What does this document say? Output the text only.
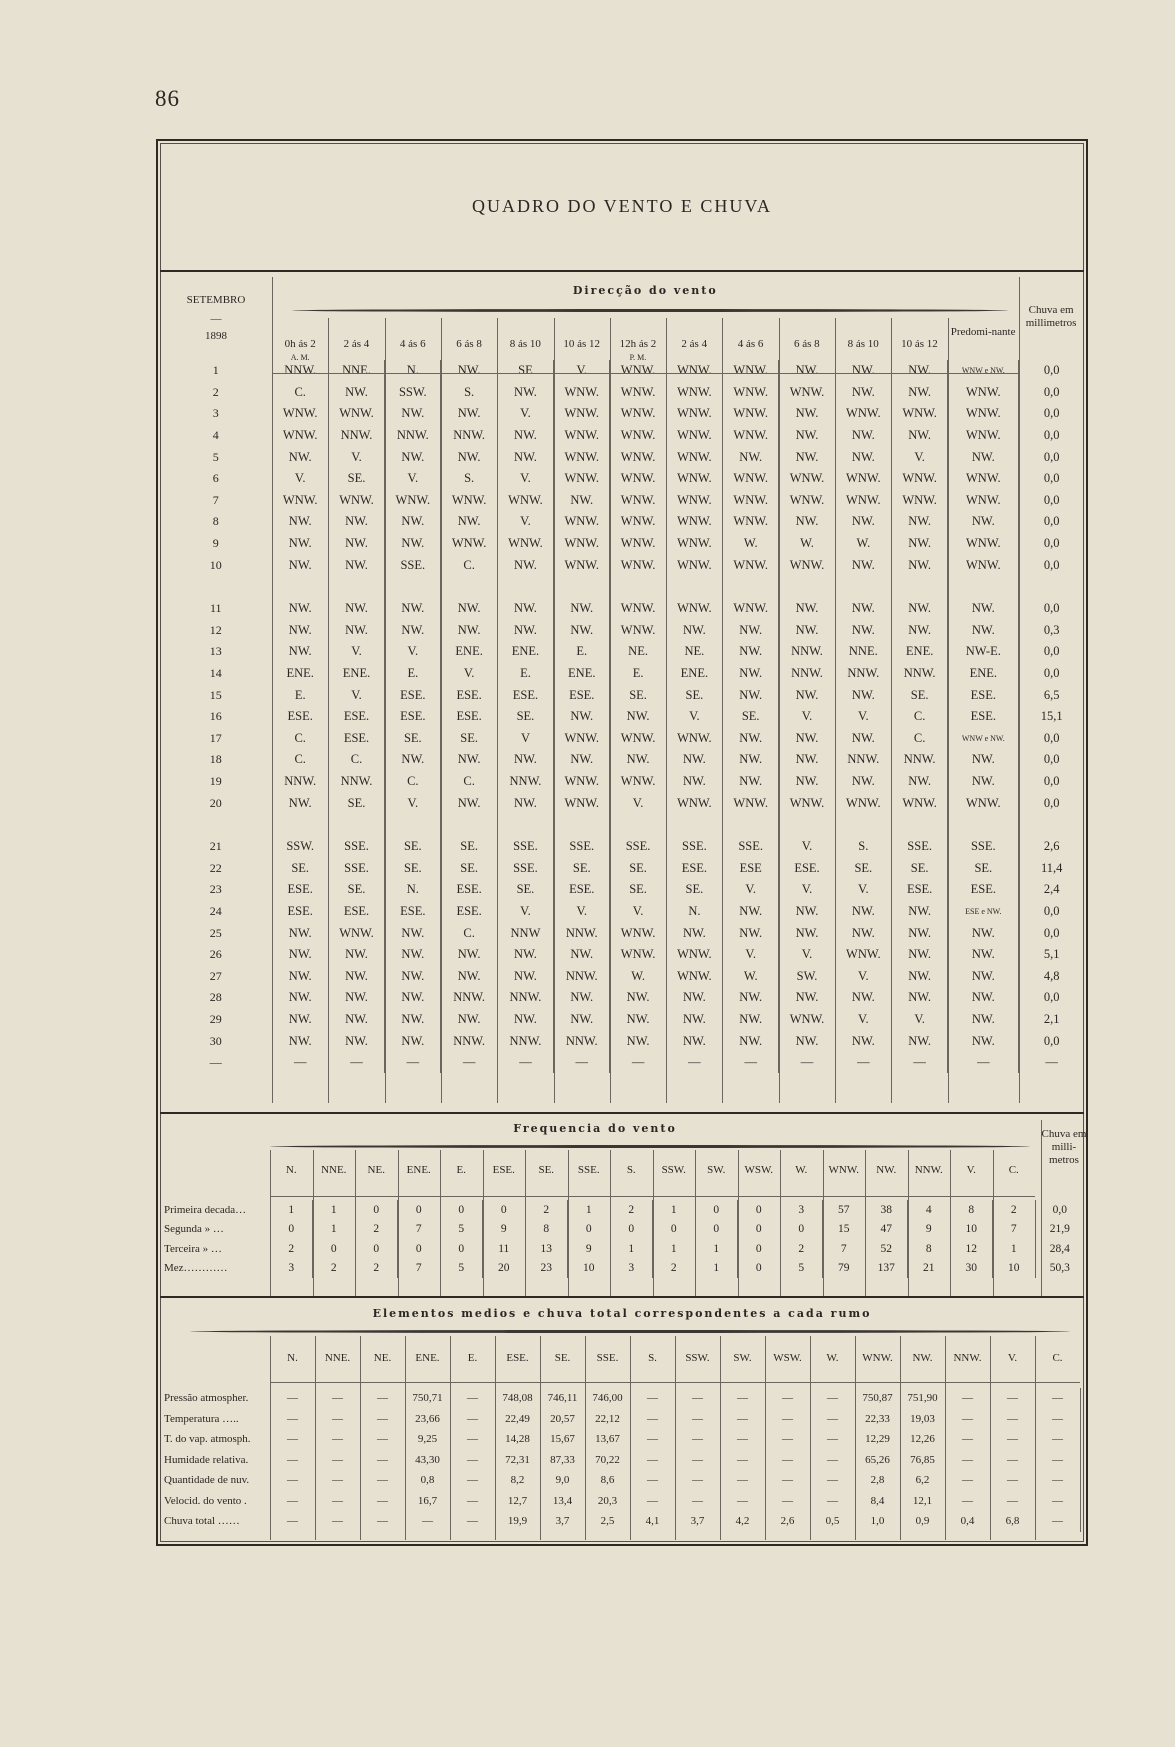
86
QUADRO DO VENTO E CHUVA
1	NNW.	NNE.	N.	NW.	SE	V.	WNW.	WNW.	WNW.	NW.	NW.	NW.	WNW e NW.	0,0
2	C.	NW.	SSW.	S.	NW.	WNW.	WNW.	WNW.	WNW.	WNW.	NW.	NW.	WNW.	0,0
3	WNW.	WNW.	NW.	NW.	V.	WNW.	WNW.	WNW.	WNW.	NW.	WNW.	WNW.	WNW.	0,0
4	WNW.	NNW.	NNW.	NNW.	NW.	WNW.	WNW.	WNW.	WNW.	NW.	NW.	NW.	WNW.	0,0
5	NW.	V.	NW.	NW.	NW.	WNW.	WNW.	WNW.	NW.	NW.	NW.	V.	NW.	0,0
6	V.	SE.	V.	S.	V.	WNW.	WNW.	WNW.	WNW.	WNW.	WNW.	WNW.	WNW.	0,0
7	WNW.	WNW.	WNW.	WNW.	WNW.	NW.	WNW.	WNW.	WNW.	WNW.	WNW.	WNW.	WNW.	0,0
8	NW.	NW.	NW.	NW.	V.	WNW.	WNW.	WNW.	WNW.	NW.	NW.	NW.	NW.	0,0
9	NW.	NW.	NW.	WNW.	WNW.	WNW.	WNW.	WNW.	W.	W.	W.	NW.	WNW.	0,0
10	NW.	NW.	SSE.	C.	NW.	WNW.	WNW.	WNW.	WNW.	WNW.	NW.	NW.	WNW.	0,0

11	NW.	NW.	NW.	NW.	NW.	NW.	WNW.	WNW.	WNW.	NW.	NW.	NW.	NW.	0,0
12	NW.	NW.	NW.	NW.	NW.	NW.	WNW.	NW.	NW.	NW.	NW.	NW.	NW.	0,3
13	NW.	V.	V.	ENE.	ENE.	E.	NE.	NE.	NW.	NNW.	NNE.	ENE.	NW-E.	0,0
14	ENE.	ENE.	E.	V.	E.	ENE.	E.	ENE.	NW.	NNW.	NNW.	NNW.	ENE.	0,0
15	E.	V.	ESE.	ESE.	ESE.	ESE.	SE.	SE.	NW.	NW.	NW.	SE.	ESE.	6,5
16	ESE.	ESE.	ESE.	ESE.	SE.	NW.	NW.	V.	SE.	V.	V.	C.	ESE.	15,1
17	C.	ESE.	SE.	SE.	V	WNW.	WNW.	WNW.	NW.	NW.	NW.	C.	WNW e NW.	0,0
18	C.	C.	NW.	NW.	NW.	NW.	NW.	NW.	NW.	NW.	NNW.	NNW.	NW.	0,0
19	NNW.	NNW.	C.	C.	NNW.	WNW.	WNW.	NW.	NW.	NW.	NW.	NW.	NW.	0,0
20	NW.	SE.	V.	NW.	NW.	WNW.	V.	WNW.	WNW.	WNW.	WNW.	WNW.	WNW.	0,0

21	SSW.	SSE.	SE.	SE.	SSE.	SSE.	SSE.	SSE.	SSE.	V.	S.	SSE.	SSE.	2,6
22	SE.	SSE.	SE.	SE.	SSE.	SE.	SE.	ESE.	ESE	ESE.	SE.	SE.	SE.	11,4
23	ESE.	SE.	N.	ESE.	SE.	ESE.	SE.	SE.	V.	V.	V.	ESE.	ESE.	2,4
24	ESE.	ESE.	ESE.	ESE.	V.	V.	V.	N.	NW.	NW.	NW.	NW.	ESE e NW.	0,0
25	NW.	WNW.	NW.	C.	NNW	NNW.	WNW.	NW.	NW.	NW.	NW.	NW.	NW.	0,0
26	NW.	NW.	NW.	NW.	NW.	NW.	WNW.	WNW.	V.	V.	WNW.	NW.	NW.	5,1
27	NW.	NW.	NW.	NW.	NW.	NNW.	W.	WNW.	W.	SW.	V.	NW.	NW.	4,8
28	NW.	NW.	NW.	NNW.	NNW.	NW.	NW.	NW.	NW.	NW.	NW.	NW.	NW.	0,0
29	NW.	NW.	NW.	NW.	NW.	NW.	NW.	NW.	NW.	WNW.	V.	V.	NW.	2,1
30	NW.	NW.	NW.	NNW.	NNW.	NNW.	NW.	NW.	NW.	NW.	NW.	NW.	NW.	0,0
—	—	—	—	—	—	—	—	—	—	—	—	—	—	—
Primeira decada…	1	1	0	0	0	0	2	1	2	1	0	0	3	57	38	4	8	2	0,0
Segunda » …	0	1	2	7	5	9	8	0	0	0	0	0	0	15	47	9	10	7	21,9
Terceira » …	2	0	0	0	0	11	13	9	1	1	1	0	2	7	52	8	12	1	28,4
Mez…………	3	2	2	7	5	20	23	10	3	2	1	0	5	79	137	21	30	10	50,3
Pressão atmospher.	—	—	—	750,71	—	748,08	746,11	746,00	—	—	—	—	—	750,87	751,90	—	—	—	
Temperatura …..	—	—	—	23,66	—	22,49	20,57	22,12	—	—	—	—	—	22,33	19,03	—	—	—	
T. do vap. atmosph.	—	—	—	9,25	—	14,28	15,67	13,67	—	—	—	—	—	12,29	12,26	—	—	—	
Humidade relativa.	—	—	—	43,30	—	72,31	87,33	70,22	—	—	—	—	—	65,26	76,85	—	—	—	
Quantidade de nuv.	—	—	—	0,8	—	8,2	9,0	8,6	—	—	—	—	—	2,8	6,2	—	—	—	
Velocid. do vento .	—	—	—	16,7	—	12,7	13,4	20,3	—	—	—	—	—	8,4	12,1	—	—	—	
Chuva total ……	—	—	—	—	—	19,9	3,7	2,5	4,1	3,7	4,2	2,6	0,5	1,0	0,9	0,4	6,8	—	
SETEMBRO
—
1898
Direcção do vento
0h ás 2
A. M.
2 ás 4	4 ás 6	6 ás 8	8 ás 10	10 ás 12	12h ás 2
P. M.
2 ás 4	4 ás 6	6 ás 8	8 ás 10	10 ás 12
Predomi-nante
Chuva em millimetros
Frequencia do vento	Chuva em milli-metros
N.	NNE.	NE.	ENE.	E.	ESE.	SE.	SSE.	S.	SSW.	SW.	WSW.	W.	WNW.	NW.	NNW.	V.	C.
Elementos medios e chuva total correspondentes a cada rumo
N.	NNE.	NE.	ENE.	E.	ESE.	SE.	SSE.	S.	SSW.	SW.	WSW.	W.	WNW.	NW.	NNW.	V.	C.
